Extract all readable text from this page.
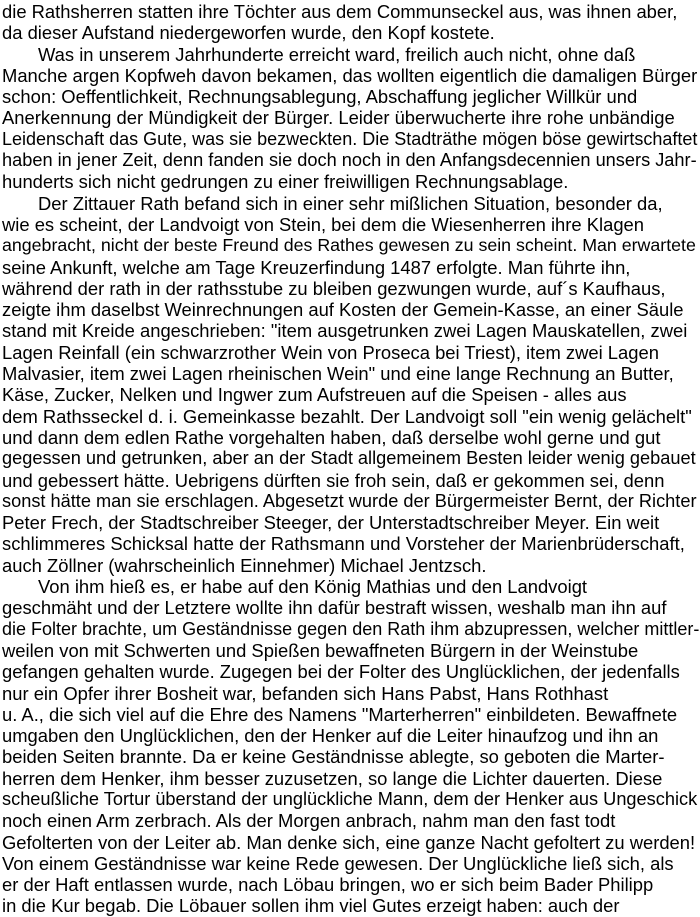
die Rathsherren statten ihre Töchter aus dem Communseckel aus, was ihnen aber,
da dieser Aufstand niedergeworfen wurde, den Kopf kostete.
Was in unserem Jahrhunderte erreicht ward, freilich auch nicht, ohne daß
Manche argen Kopfweh davon bekamen, das wollten eigentlich die damaligen Bürger
schon: Oeffentlichkeit, Rechnungsablegung, Abschaffung jeglicher Willkür und
Anerkennung der Mündigkeit der Bürger. Leider überwucherte ihre rohe unbändige
Leidenschaft das Gute, was sie bezweckten. Die Stadträthe mögen böse gewirtschaftet
haben in jener Zeit, denn fanden sie doch noch in den Anfangsdecennien unsers Jahr-
hunderts sich nicht gedrungen zu einer freiwilligen Rechnungsablage.
Der Zittauer Rath befand sich in einer sehr mißlichen Situation, besonder da,
wie es scheint, der Landvoigt von Stein, bei dem die Wiesenherren ihre Klagen
angebracht, nicht der beste Freund des Rathes gewesen zu sein scheint. Man erwartete
seine Ankunft, welche am Tage Kreuzerfindung 1487 erfolgte. Man führte ihn,
während der rath in der rathsstube zu bleiben gezwungen wurde, auf´s Kaufhaus,
zeigte ihm daselbst Weinrechnungen auf Kosten der Gemein-Kasse, an einer Säule
stand mit Kreide angeschrieben: "item ausgetrunken zwei Lagen Mauskatellen, zwei
Lagen Reinfall (ein schwarzrother Wein von Proseca bei Triest), item zwei Lagen
Malvasier, item zwei Lagen rheinischen Wein" und eine lange Rechnung an Butter,
Käse, Zucker, Nelken und Ingwer zum Aufstreuen auf die Speisen - alles aus
dem Rathsseckel d. i. Gemeinkasse bezahlt. Der Landvoigt soll "ein wenig gelächelt"
und dann dem edlen Rathe vorgehalten haben, daß derselbe wohl gerne und gut
gegessen und getrunken, aber an der Stadt allgemeinem Besten leider wenig gebauet
und gebessert hätte. Uebrigens dürften sie froh sein, daß er gekommen sei, denn
sonst hätte man sie erschlagen. Abgesetzt wurde der Bürgermeister Bernt, der Richter
Peter Frech, der Stadtschreiber Steeger, der Unterstadtschreiber Meyer. Ein weit
schlimmeres Schicksal hatte der Rathsmann und Vorsteher der Marienbrüderschaft,
auch Zöllner (wahrscheinlich Einnehmer) Michael Jentzsch.
Von ihm hieß es, er habe auf den König Mathias und den Landvoigt
geschmäht und der Letztere wollte ihn dafür bestraft wissen, weshalb man ihn auf
die Folter brachte, um Geständnisse gegen den Rath ihm abzupressen, welcher mittler-
weilen von mit Schwerten und Spießen bewaffneten Bürgern in der Weinstube
gefangen gehalten wurde. Zugegen bei der Folter des Unglücklichen, der jedenfalls
nur ein Opfer ihrer Bosheit war, befanden sich Hans Pabst, Hans Rothhast
u. A., die sich viel auf die Ehre des Namens "Marterherren" einbildeten. Bewaffnete
umgaben den Unglücklichen, den der Henker auf die Leiter hinaufzog und ihn an
beiden Seiten brannte. Da er keine Geständnisse ablegte, so geboten die Marter-
herren dem Henker, ihm besser zuzusetzen, so lange die Lichter dauerten. Diese
scheußliche Tortur überstand der unglückliche Mann, dem der Henker aus Ungeschick
noch einen Arm zerbrach. Als der Morgen anbrach, nahm man den fast todt
Gefolterten von der Leiter ab. Man denke sich, eine ganze Nacht gefoltert zu werden!
Von einem Geständnisse war keine Rede gewesen. Der Unglückliche ließ sich, als
er der Haft entlassen wurde, nach Löbau bringen, wo er sich beim Bader Philipp
in die Kur begab. Die Löbauer sollen ihm viel Gutes erzeigt haben: auch der
